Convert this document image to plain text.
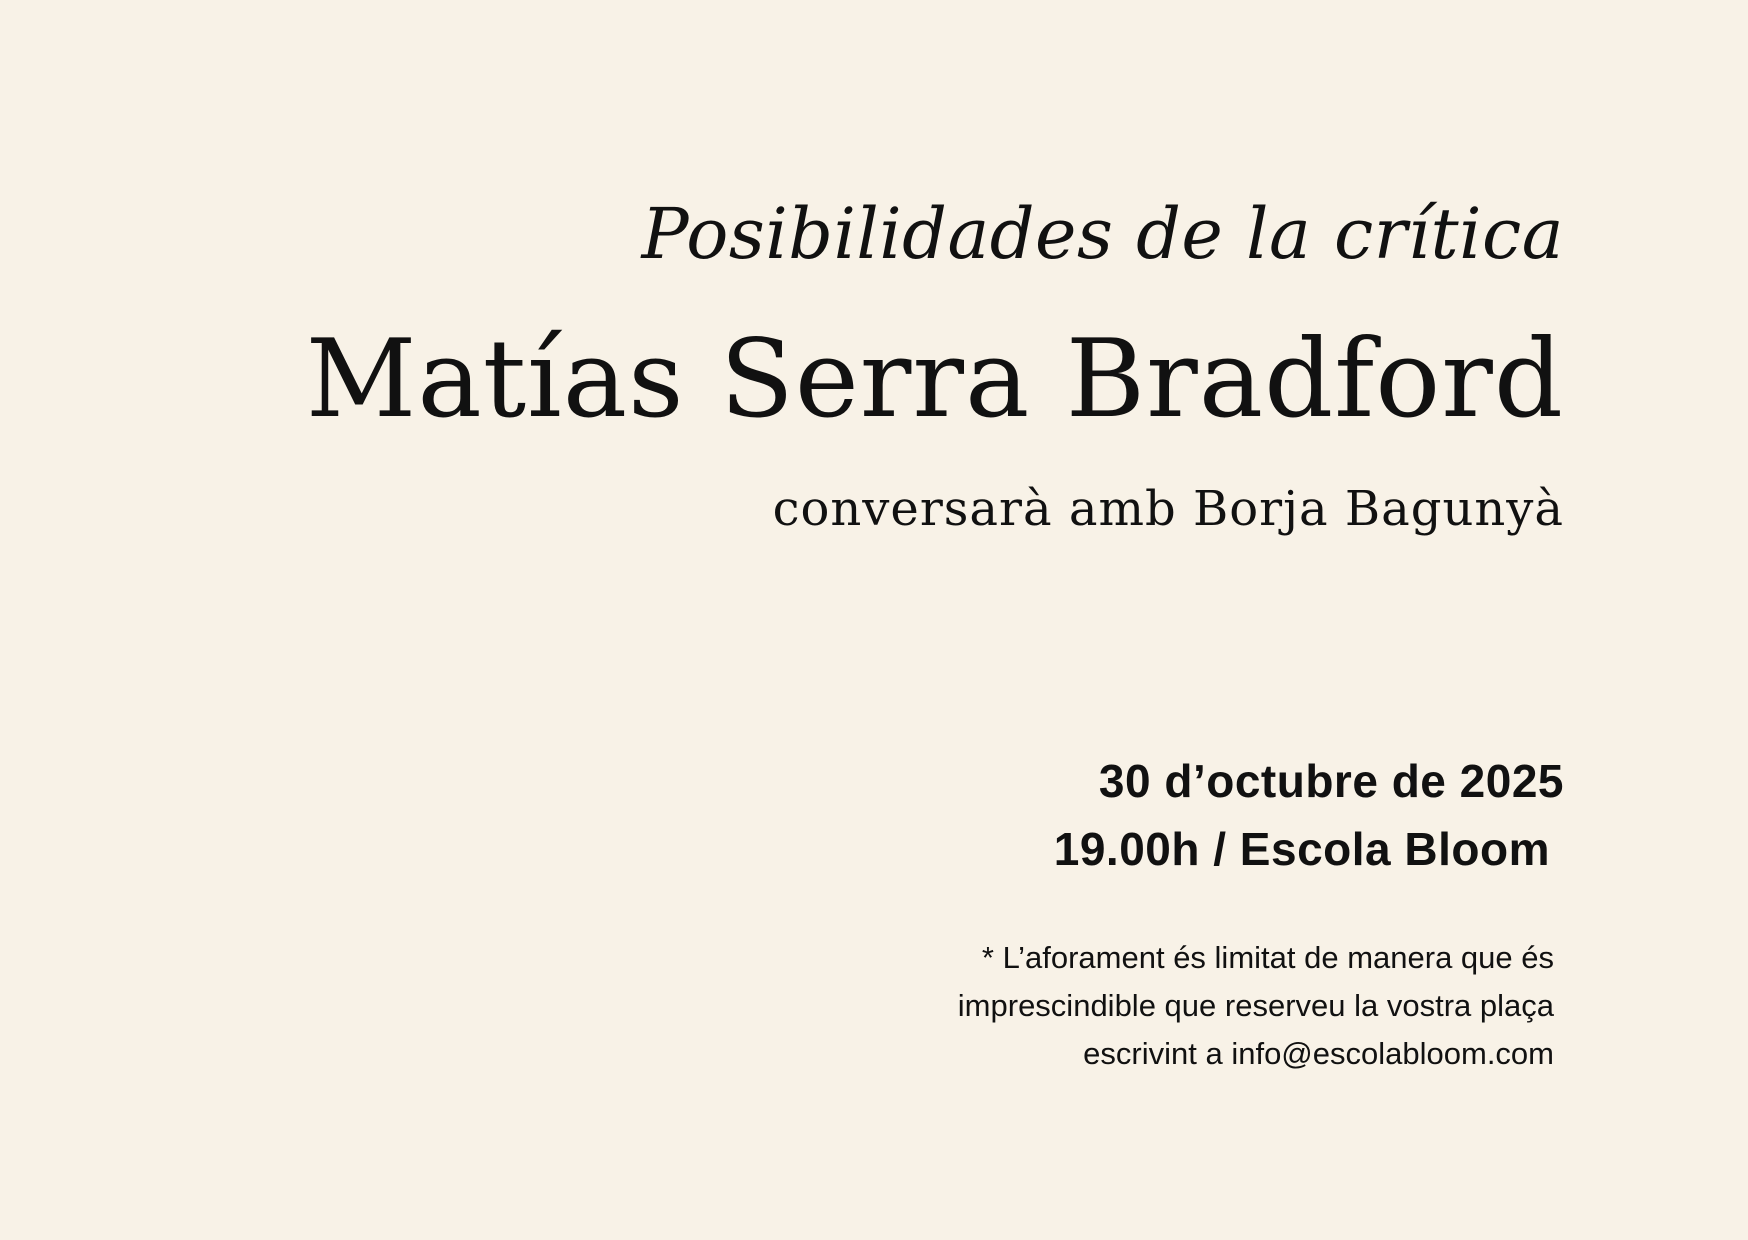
Posibilidades de la crítica
Matías Serra Bradford
conversarà amb Borja Bagunyà
30 d’octubre de 2025
19.00h / Escola Bloom
* L’aforament és limitat de manera que és
imprescindible que reserveu la vostra plaça
escrivint a info@escolabloom.com
